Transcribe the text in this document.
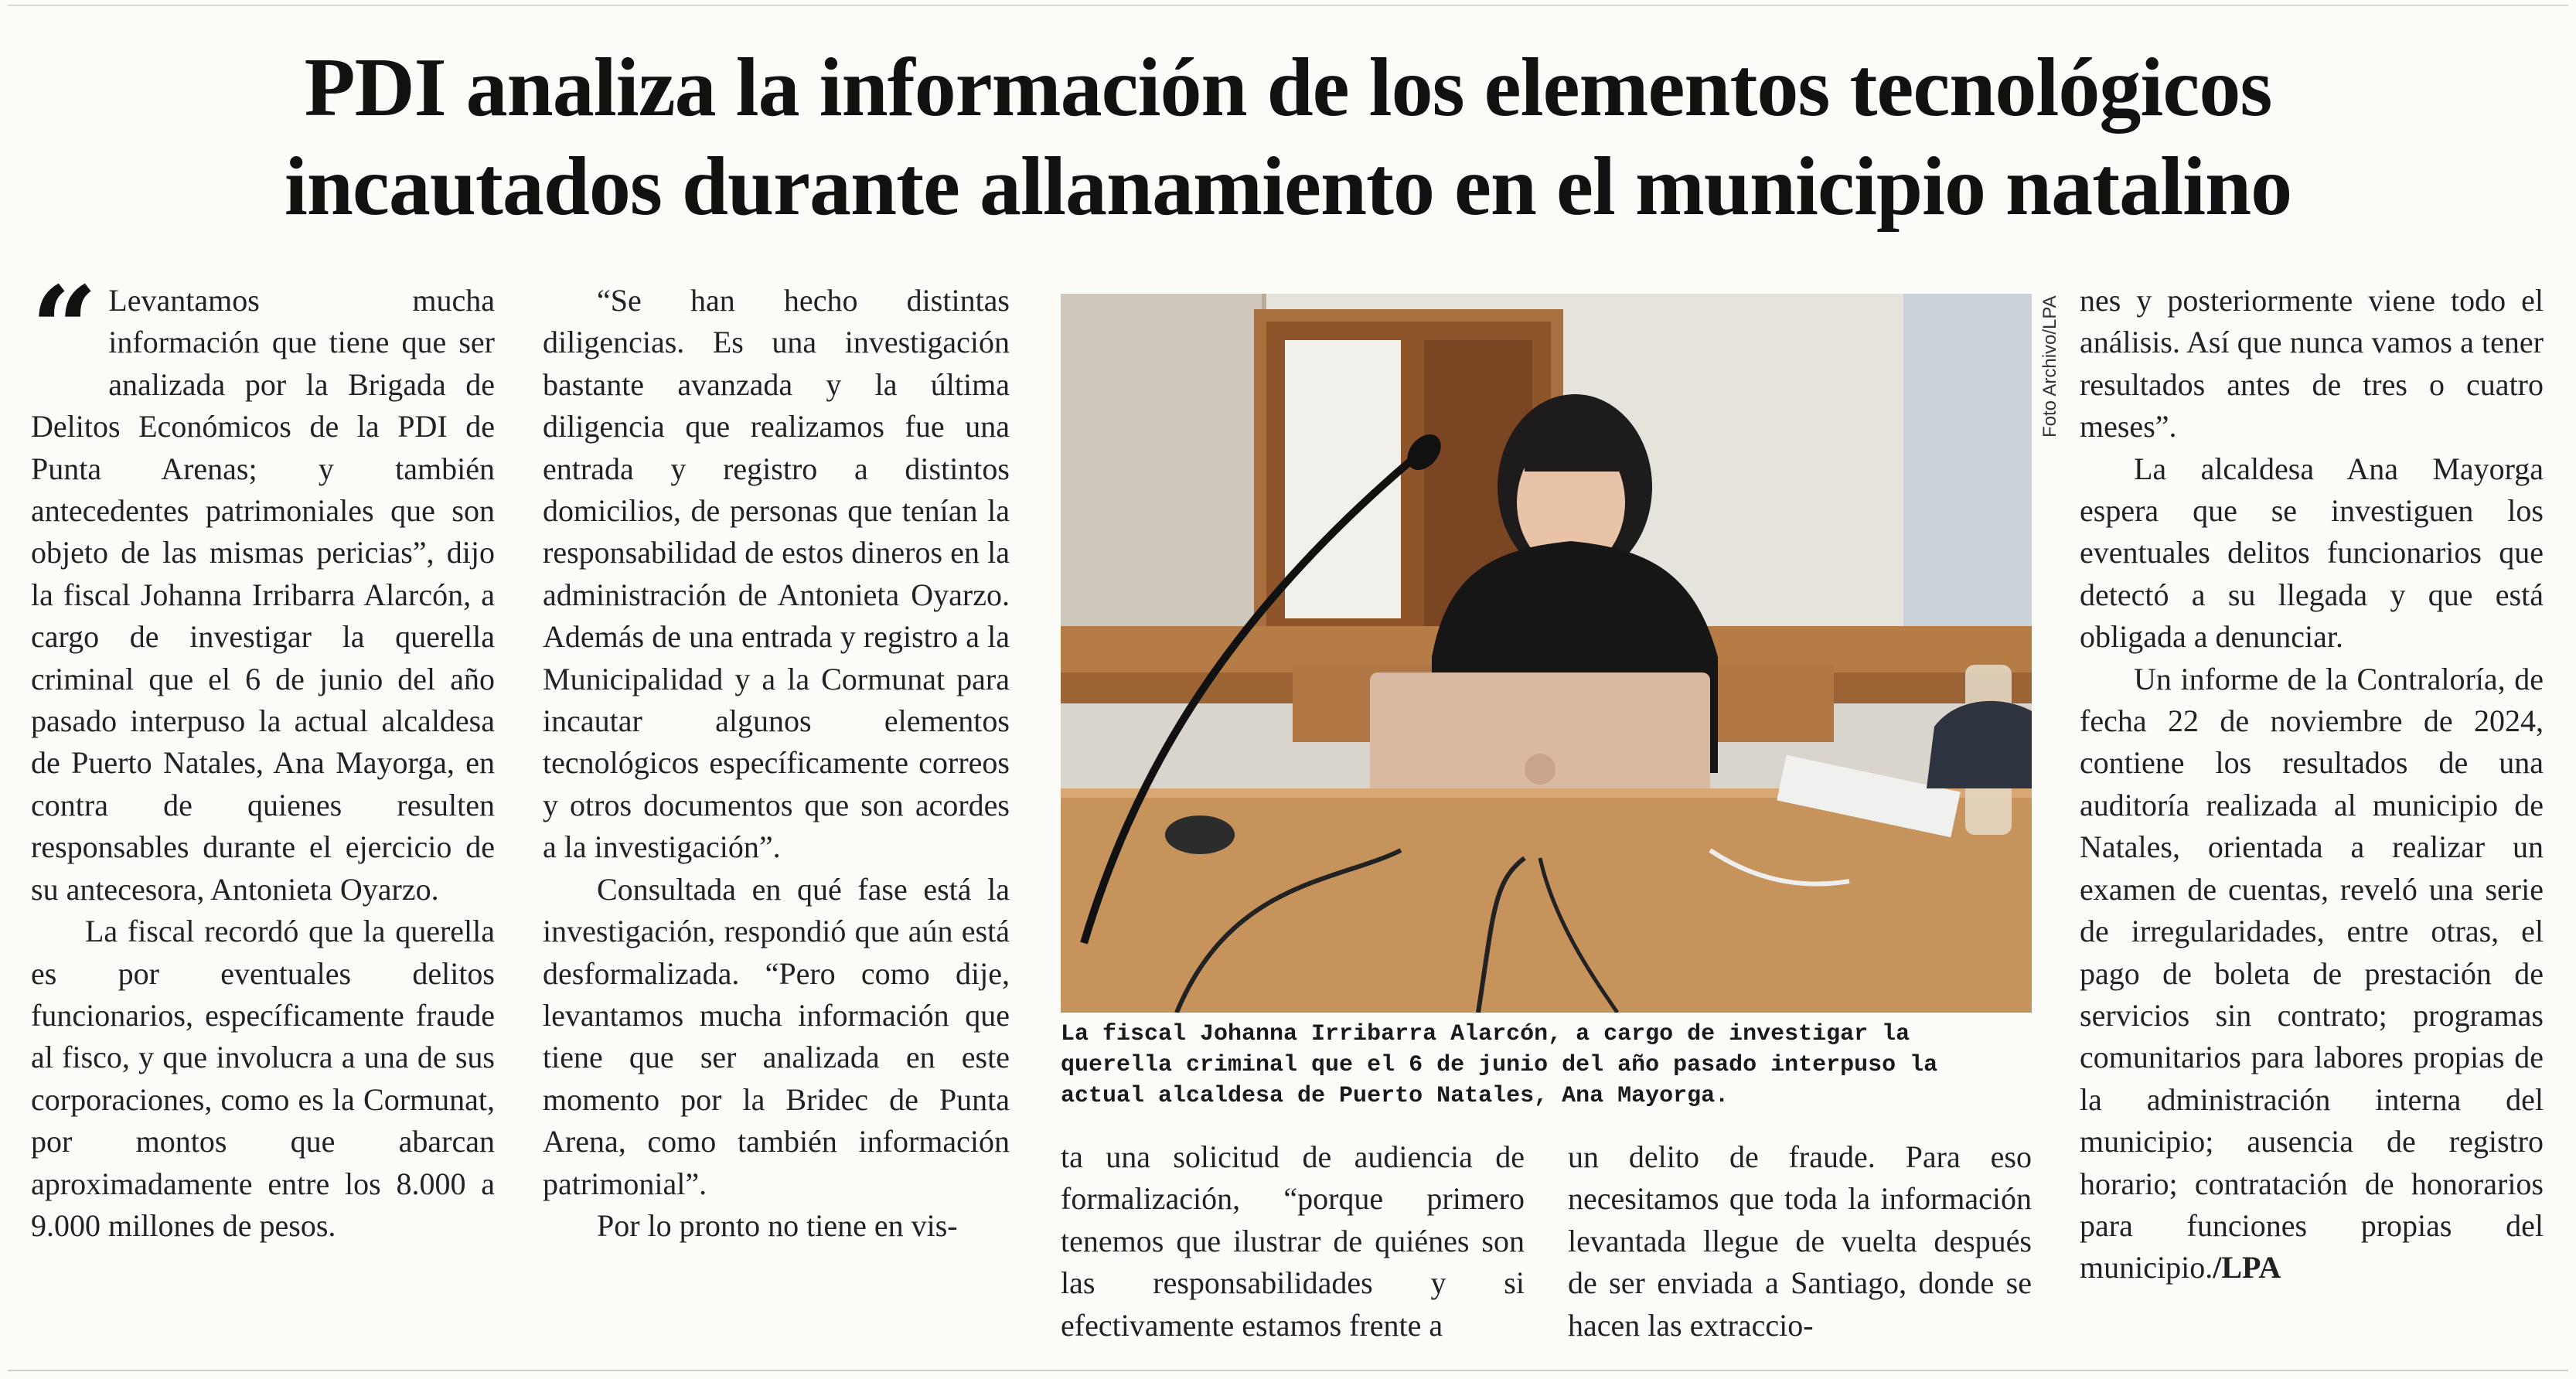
PDI analiza la información de los elementos tecnológicos
incautados durante allanamiento en el municipio natalino

“ Levantamos mucha información que tiene que ser analizada por la Brigada de Delitos Económicos de la PDI de Punta Arenas; y también antecedentes patrimoniales que son objeto de las mismas pericias”, dijo la fiscal Johanna Irribarra Alarcón, a cargo de investigar la querella criminal que el 6 de junio del año pasado interpuso la actual alcaldesa de Puerto Natales, Ana Mayorga, en contra de quienes resulten responsables durante el ejercicio de su antecesora, Antonieta Oyarzo.

La fiscal recordó que la querella es por eventuales delitos funcionarios, específicamente fraude al fisco, y que involucra a una de sus corporaciones, como es la Cormunat, por montos que abarcan aproximadamente entre los 8.000 a 9.000 millones de pesos.

“Se han hecho distintas diligencias. Es una investigación bastante avanzada y la última diligencia que realizamos fue una entrada y registro a distintos domicilios, de personas que tenían la responsabilidad de estos dineros en la administración de Antonieta Oyarzo. Además de una entrada y registro a la Municipalidad y a la Cormunat para incautar algunos elementos tecnológicos específicamente correos y otros documentos que son acordes a la investigación”.

Consultada en qué fase está la investigación, respondió que aún está desformalizada. “Pero como dije, levantamos mucha información que tiene que ser analizada en este momento por la Bridec de Punta Arena, como también información patrimonial”.

Por lo pronto no tiene en vis-

Foto Archivo/LPA
La fiscal Johanna Irribarra Alarcón, a cargo de investigar la querella criminal que el 6 de junio del año pasado interpuso la actual alcaldesa de Puerto Natales, Ana Mayorga.

ta una solicitud de audiencia de formalización, “porque primero tenemos que ilustrar de quiénes son las responsabilidades y si efectivamente estamos frente a

un delito de fraude. Para eso necesitamos que toda la información levantada llegue de vuelta después de ser enviada a Santiago, donde se hacen las extraccio-

nes y posteriormente viene todo el análisis. Así que nunca vamos a tener resultados antes de tres o cuatro meses”.

La alcaldesa Ana Mayorga espera que se investiguen los eventuales delitos funcionarios que detectó a su llegada y que está obligada a denunciar.

Un informe de la Contraloría, de fecha 22 de noviembre de 2024, contiene los resultados de una auditoría realizada al municipio de Natales, orientada a realizar un examen de cuentas, reveló una serie de irregularidades, entre otras, el pago de boleta de prestación de servicios sin contrato; programas comunitarios para labores propias de la administración interna del municipio; ausencia de registro horario; contratación de honorarios para funciones propias del municipio./LPA
